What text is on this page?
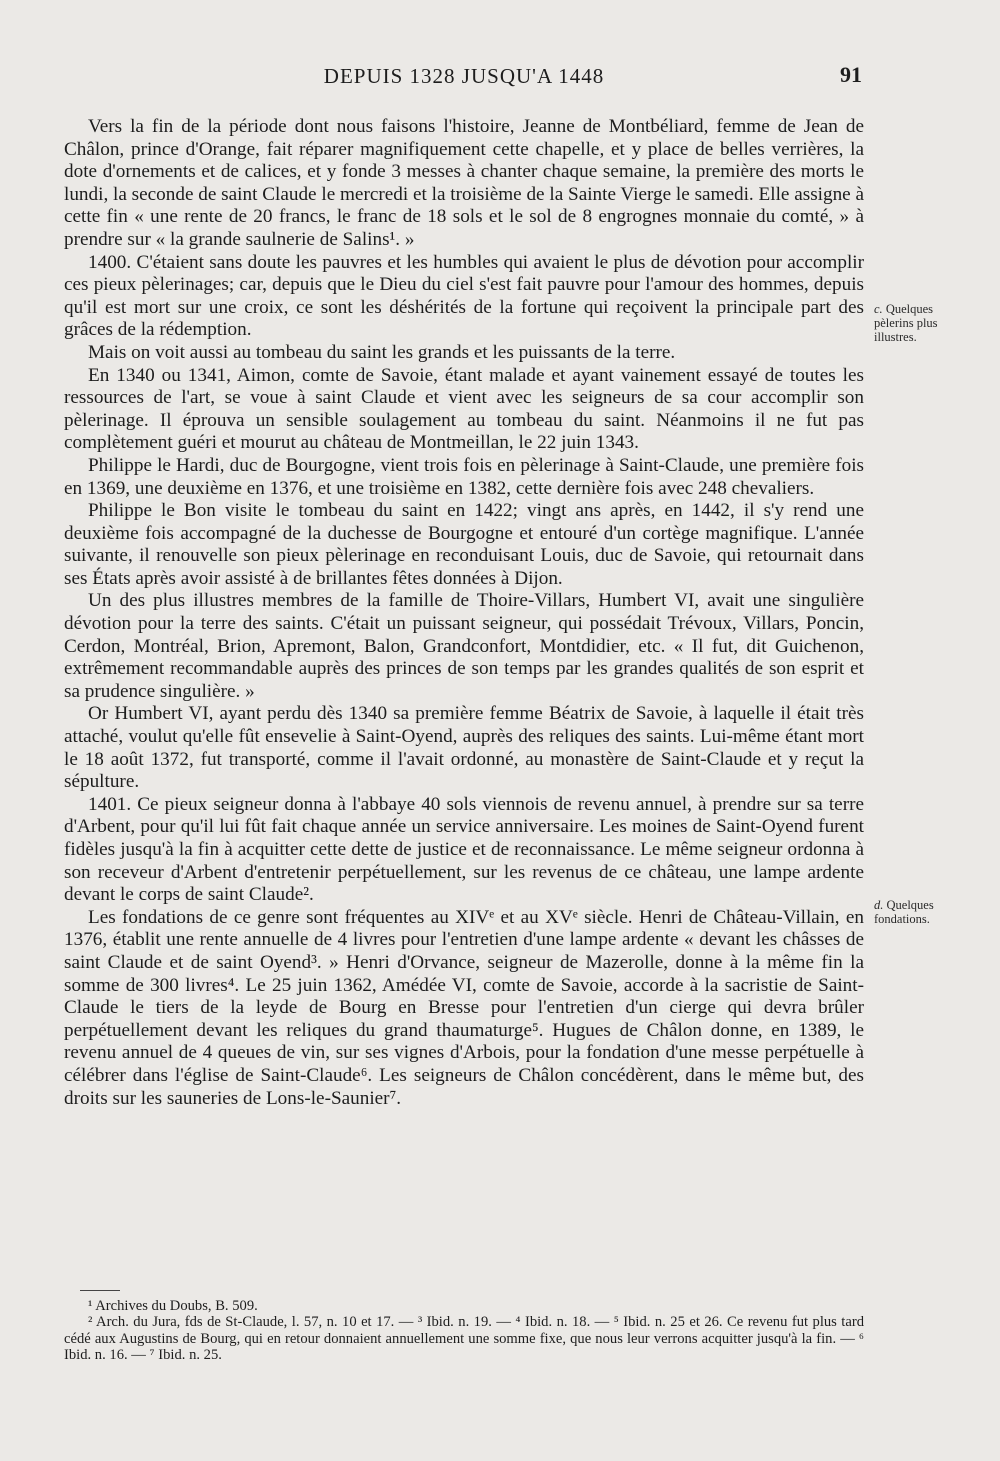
DEPUIS 1328 JUSQU'A 1448	91

Vers la fin de la période dont nous faisons l'histoire, Jeanne de Montbéliard, femme de Jean de Châlon, prince d'Orange, fait réparer magnifiquement cette chapelle, et y place de belles verrières, la dote d'ornements et de calices, et y fonde 3 messes à chanter chaque semaine, la première des morts le lundi, la seconde de saint Claude le mercredi et la troisième de la Sainte Vierge le samedi. Elle assigne à cette fin « une rente de 20 francs, le franc de 18 sols et le sol de 8 engrognes monnaie du comté, » à prendre sur « la grande saulnerie de Salins¹. »

1400. C'étaient sans doute les pauvres et les humbles qui avaient le plus de dévotion pour accomplir ces pieux pèlerinages; car, depuis que le Dieu du ciel s'est fait pauvre pour l'amour des hommes, depuis qu'il est mort sur une croix, ce sont les déshérités de la fortune qui reçoivent la principale part des grâces de la rédemption.

Mais on voit aussi au tombeau du saint les grands et les puissants de la terre.

En 1340 ou 1341, Aimon, comte de Savoie, étant malade et ayant vainement essayé de toutes les ressources de l'art, se voue à saint Claude et vient avec les seigneurs de sa cour accomplir son pèlerinage. Il éprouva un sensible soulagement au tombeau du saint. Néanmoins il ne fut pas complètement guéri et mourut au château de Montmeillan, le 22 juin 1343.

Philippe le Hardi, duc de Bourgogne, vient trois fois en pèlerinage à Saint-Claude, une première fois en 1369, une deuxième en 1376, et une troisième en 1382, cette dernière fois avec 248 chevaliers.

Philippe le Bon visite le tombeau du saint en 1422; vingt ans après, en 1442, il s'y rend une deuxième fois accompagné de la duchesse de Bourgogne et entouré d'un cortège magnifique. L'année suivante, il renouvelle son pieux pèlerinage en reconduisant Louis, duc de Savoie, qui retournait dans ses États après avoir assisté à de brillantes fêtes données à Dijon.

Un des plus illustres membres de la famille de Thoire-Villars, Humbert VI, avait une singulière dévotion pour la terre des saints. C'était un puissant seigneur, qui possédait Trévoux, Villars, Poncin, Cerdon, Montréal, Brion, Apremont, Balon, Grandconfort, Montdidier, etc. « Il fut, dit Guichenon, extrêmement recommandable auprès des princes de son temps par les grandes qualités de son esprit et sa prudence singulière. »

Or Humbert VI, ayant perdu dès 1340 sa première femme Béatrix de Savoie, à laquelle il était très attaché, voulut qu'elle fût ensevelie à Saint-Oyend, auprès des reliques des saints. Lui-même étant mort le 18 août 1372, fut transporté, comme il l'avait ordonné, au monastère de Saint-Claude et y reçut la sépulture.

1401. Ce pieux seigneur donna à l'abbaye 40 sols viennois de revenu annuel, à prendre sur sa terre d'Arbent, pour qu'il lui fût fait chaque année un service anniversaire. Les moines de Saint-Oyend furent fidèles jusqu'à la fin à acquitter cette dette de justice et de reconnaissance. Le même seigneur ordonna à son receveur d'Arbent d'entretenir perpétuellement, sur les revenus de ce château, une lampe ardente devant le corps de saint Claude².

Les fondations de ce genre sont fréquentes au XIVᵉ et au XVᵉ siècle. Henri de Château-Villain, en 1376, établit une rente annuelle de 4 livres pour l'entretien d'une lampe ardente « devant les châsses de saint Claude et de saint Oyend³. » Henri d'Orvance, seigneur de Mazerolle, donne à la même fin la somme de 300 livres⁴. Le 25 juin 1362, Amédée VI, comte de Savoie, accorde à la sacristie de Saint-Claude le tiers de la leyde de Bourg en Bresse pour l'entretien d'un cierge qui devra brûler perpétuellement devant les reliques du grand thaumaturge⁵. Hugues de Châlon donne, en 1389, le revenu annuel de 4 queues de vin, sur ses vignes d'Arbois, pour la fondation d'une messe perpétuelle à célébrer dans l'église de Saint-Claude⁶. Les seigneurs de Châlon concédèrent, dans le même but, des droits sur les sauneries de Lons-le-Saunier⁷.

c. Quelques pèlerins plus illustres.
d. Quelques fondations.

¹ Archives du Doubs, B. 509.

² Arch. du Jura, fds de St-Claude, l. 57, n. 10 et 17. — ³ Ibid. n. 19. — ⁴ Ibid. n. 18. — ⁵ Ibid. n. 25 et 26. Ce revenu fut plus tard cédé aux Augustins de Bourg, qui en retour donnaient annuellement une somme fixe, que nous leur verrons acquitter jusqu'à la fin. — ⁶ Ibid. n. 16. — ⁷ Ibid. n. 25.
